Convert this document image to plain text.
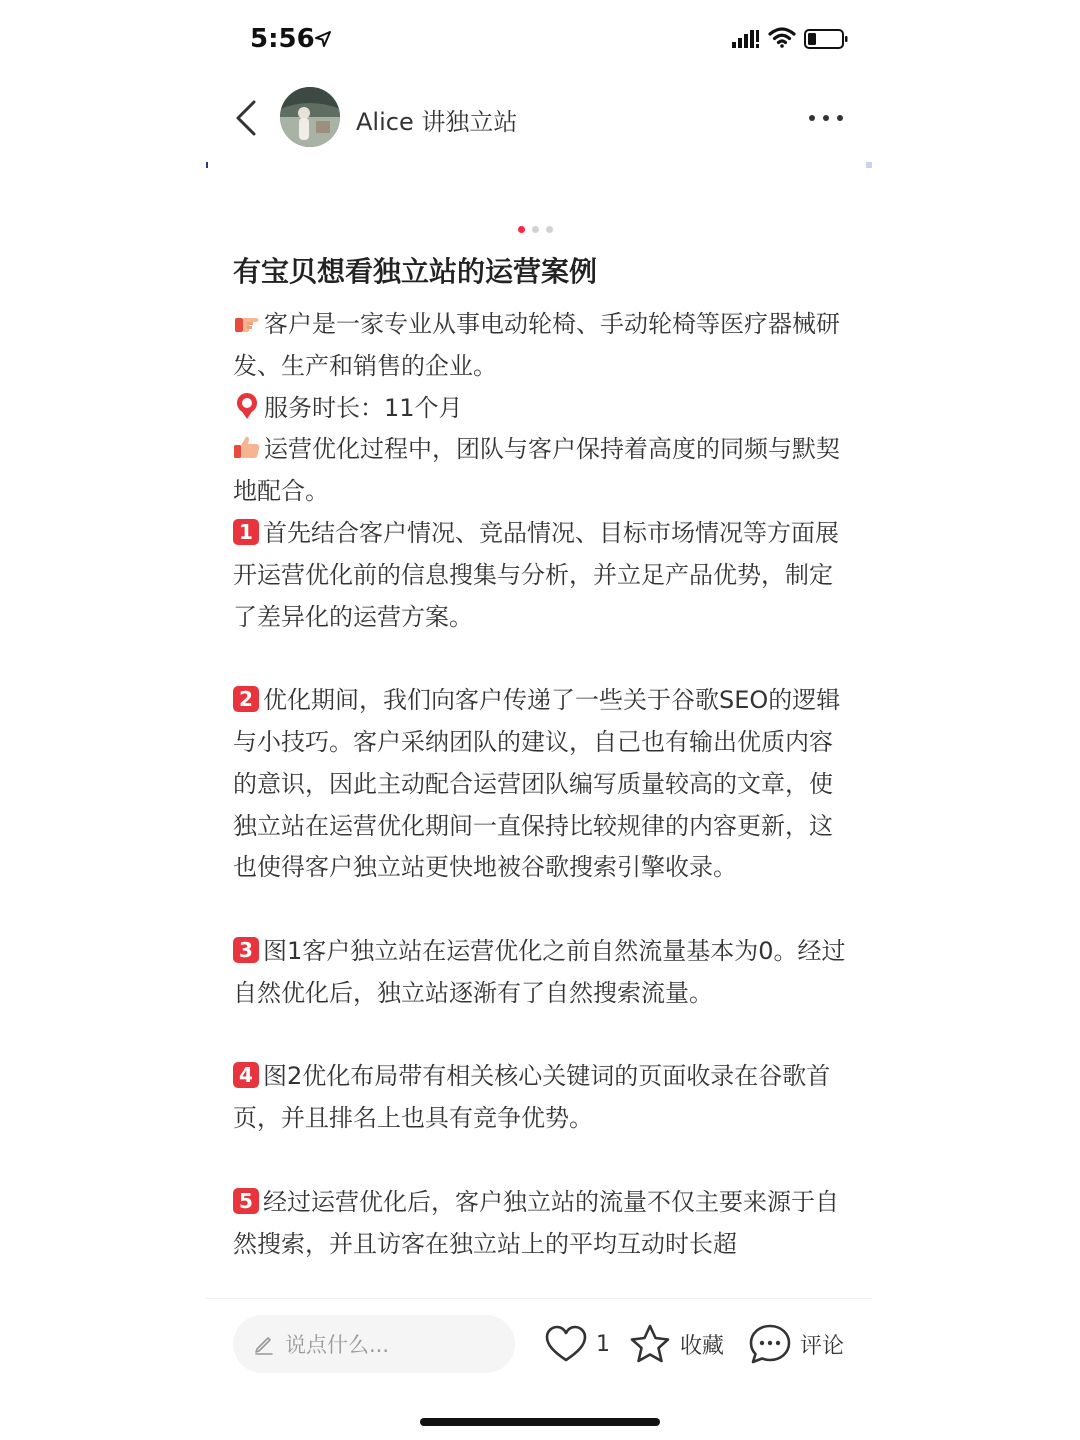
5:56
Alice 讲独立站
有宝贝想看独立站的运营案例

客户是一家专业从事电动轮椅、手动轮椅等医疗器械研发、生产和销售的企业。

服务时长：11个月

运营优化过程中，团队与客户保持着高度的同频与默契地配合。

1 首先结合客户情况、竞品情况、目标市场情况等方面展开运营优化前的信息搜集与分析，并立足产品优势，制定了差异化的运营方案。

2 优化期间，我们向客户传递了一些关于谷歌SEO的逻辑与小技巧。客户采纳团队的建议，自己也有输出优质内容的意识，因此主动配合运营团队编写质量较高的文章，使独立站在运营优化期间一直保持比较规律的内容更新，这也使得客户独立站更快地被谷歌搜索引擎收录。

3 图1客户独立站在运营优化之前自然流量基本为0。经过自然优化后，独立站逐渐有了自然搜索流量。

4 图2优化布局带有相关核心关键词的页面收录在谷歌首页，并且排名上也具有竞争优势。

5 经过运营优化后，客户独立站的流量不仅主要来源于自然搜索，并且访客在独立站上的平均互动时长超

说点什么...	1	收藏	评论
